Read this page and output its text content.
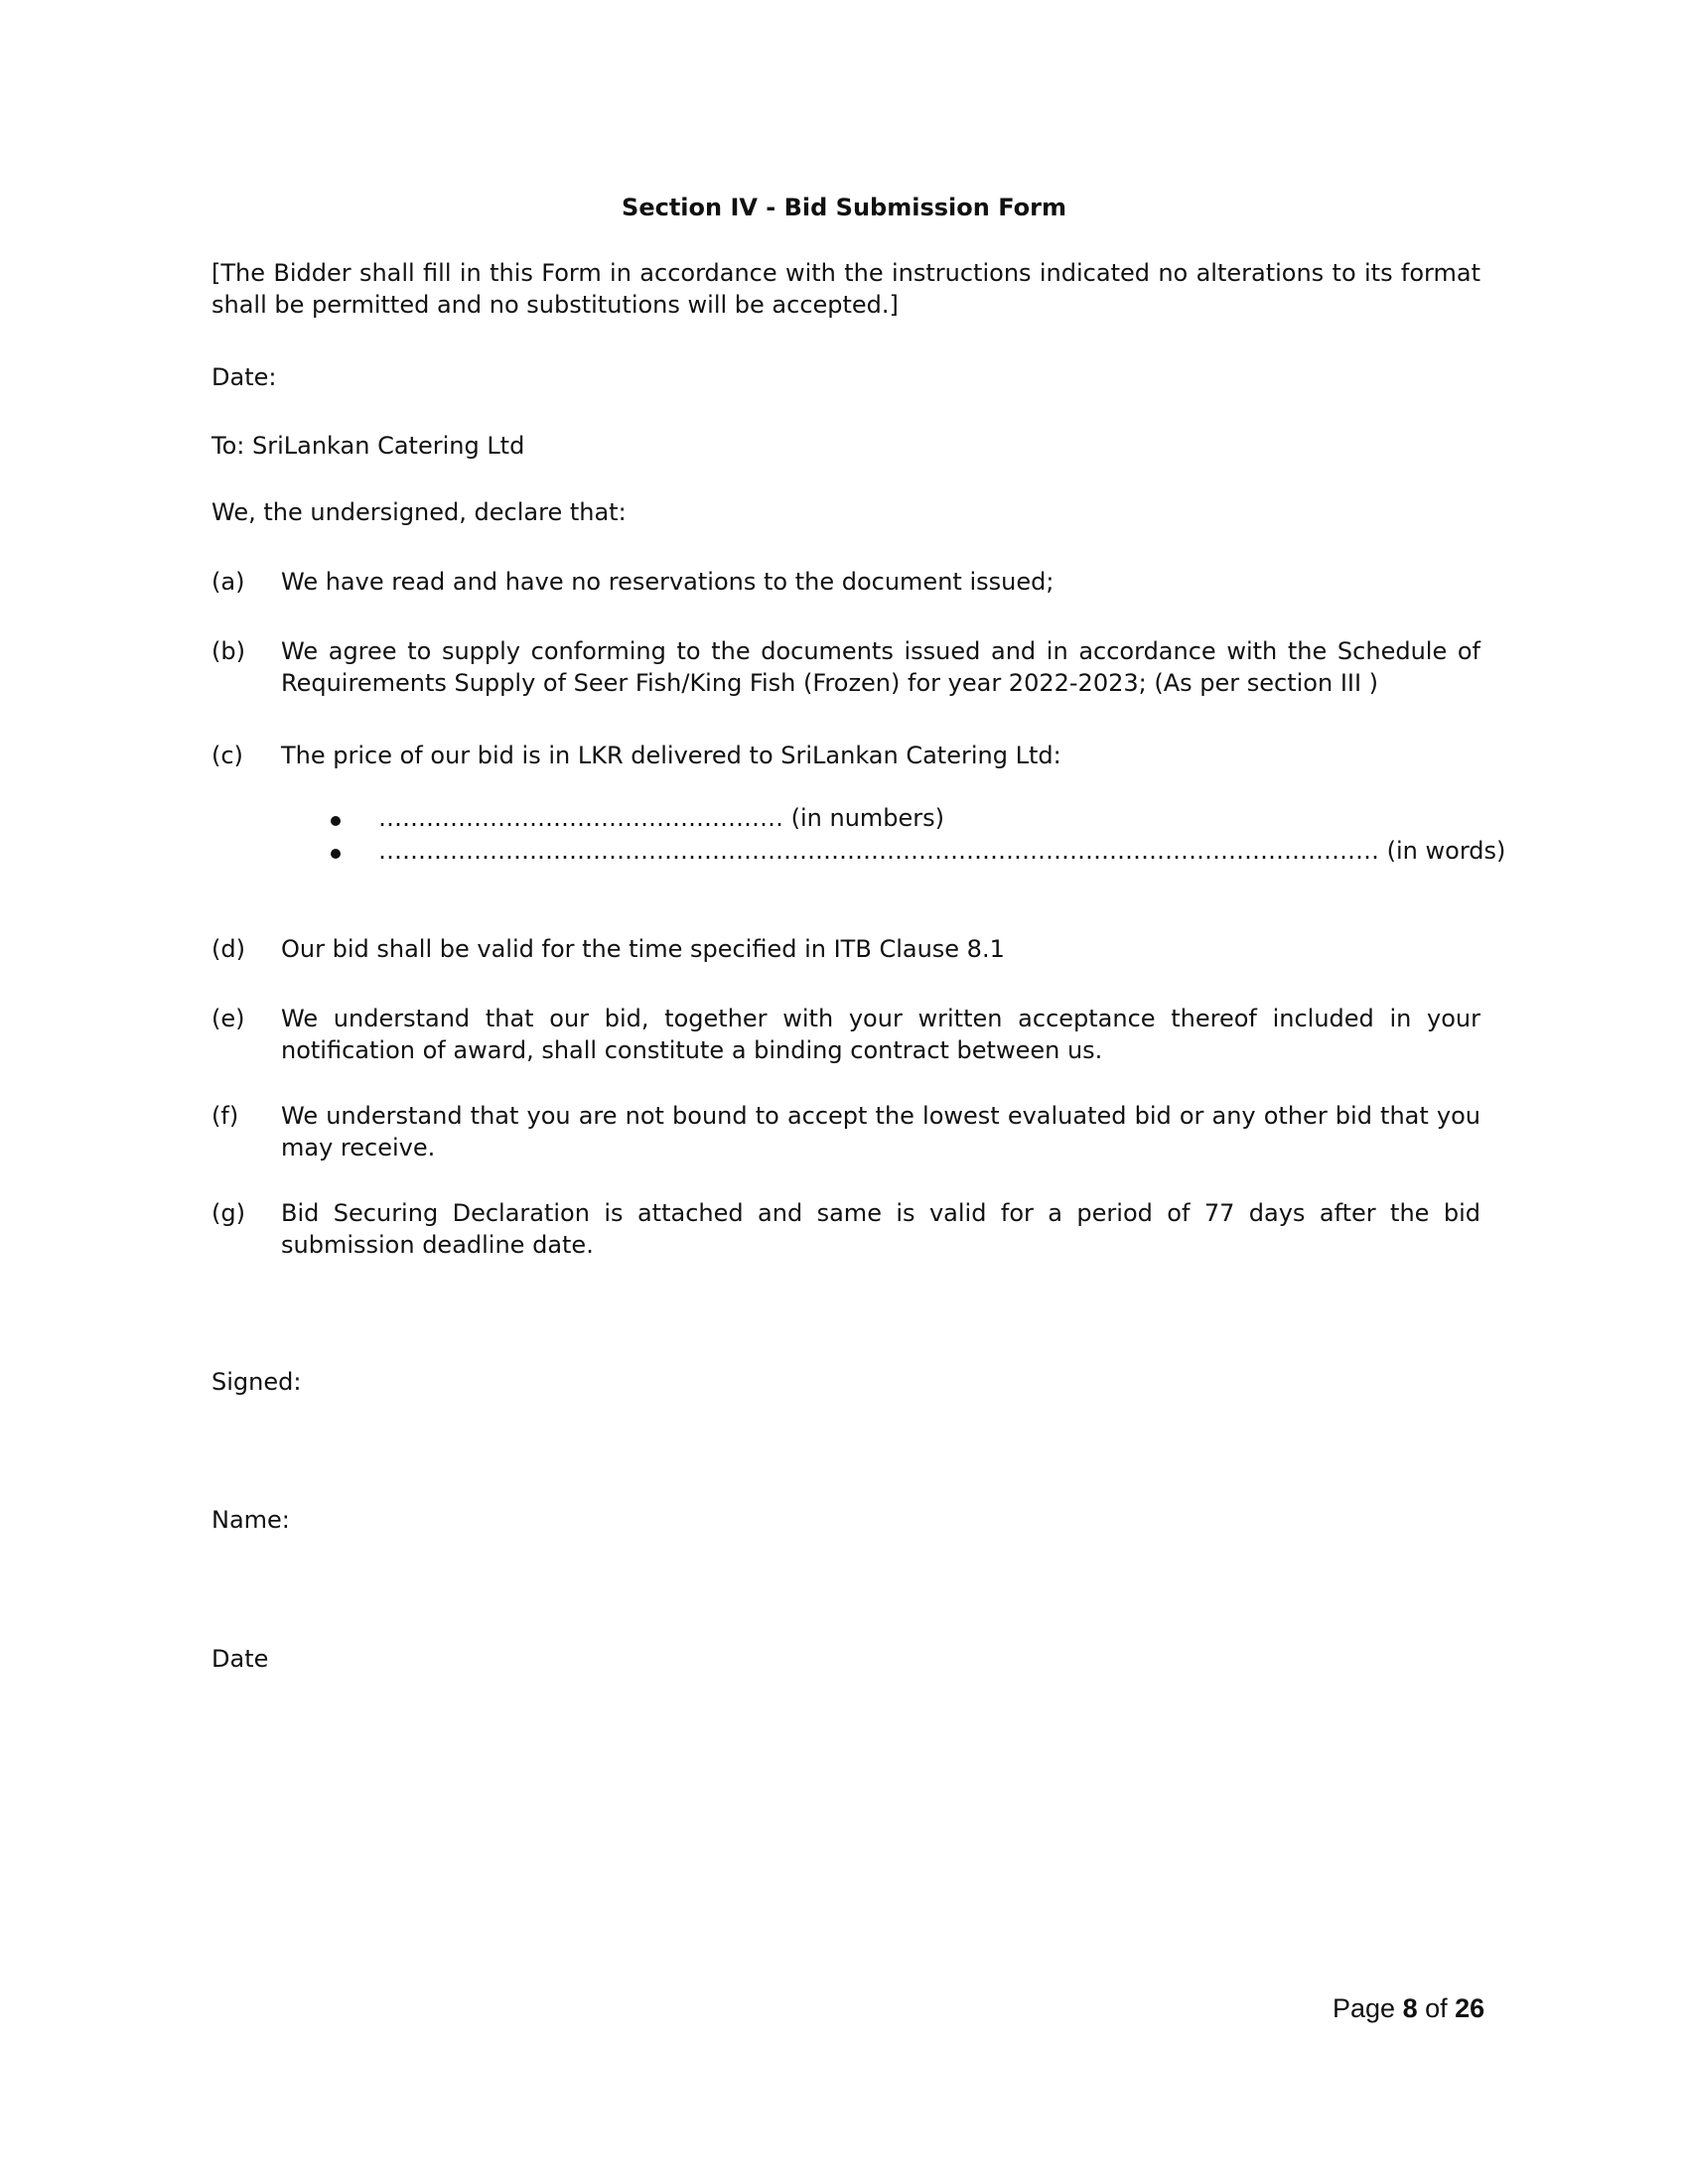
Section IV - Bid Submission Form
[The Bidder shall fill in this Form in accordance with the instructions indicated no alterations to its format shall be permitted and no substitutions will be accepted.]
Date:
To: SriLankan Catering Ltd
We, the undersigned, declare that:
(a) We have read and have no reservations to the document issued;
(b) We agree to supply conforming to the documents issued and in accordance with the Schedule of Requirements Supply of Seer Fish/King Fish (Frozen) for year 2022-2023; (As per section III )
(c) The price of our bid is in LKR delivered to SriLankan Catering Ltd:
…………………………………………… (in numbers)
……………………………………………………………………………………………………………… (in words)
(d) Our bid shall be valid for the time specified in ITB Clause 8.1
(e) We understand that our bid, together with your written acceptance thereof included in your notification of award, shall constitute a binding contract between us.
(f) We understand that you are not bound to accept the lowest evaluated bid or any other bid that you may receive.
(g) Bid Securing Declaration is attached and same is valid for a period of 77 days after the bid submission deadline date.
Signed:
Name:
Date
Page 8 of 26
